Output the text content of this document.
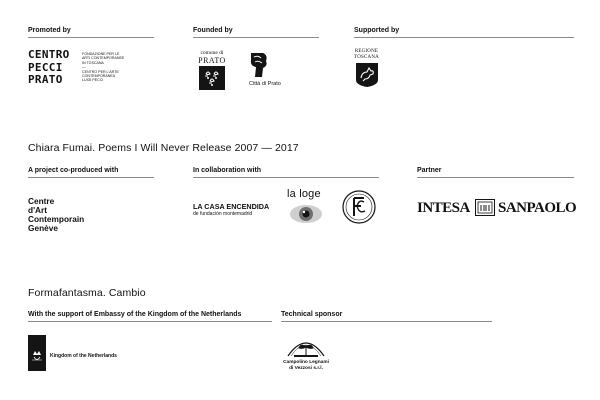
Promoted by	Founded by	Supported by
CENTRO
PECCI
PRATO
FONDAZIONE PER LE
ARTI CONTEMPORANEE
IN TOSCANA
—
CENTRO PER L'ARTE
CONTEMPORANEA
LUIGI PECCI
comune di
PRATO
Città di Prato
REGIONE
TOSCANA
Chiara Fumai. Poems I Will Never Release 2007 — 2017
A project co-produced with	In collaboration with	Partner
Centre
d'Art
Contemporain
Genève
LA CASA ENCENDIDA
de fundación montemadrid
la loge
INTESA SANPAOLO
Formafantasma. Cambio
With the support of Embassy of the Kingdom of the Netherlands	Technical sponsor
Kingdom of the Netherlands
Campolino Legnami
di Vezzosi s.r.l.
